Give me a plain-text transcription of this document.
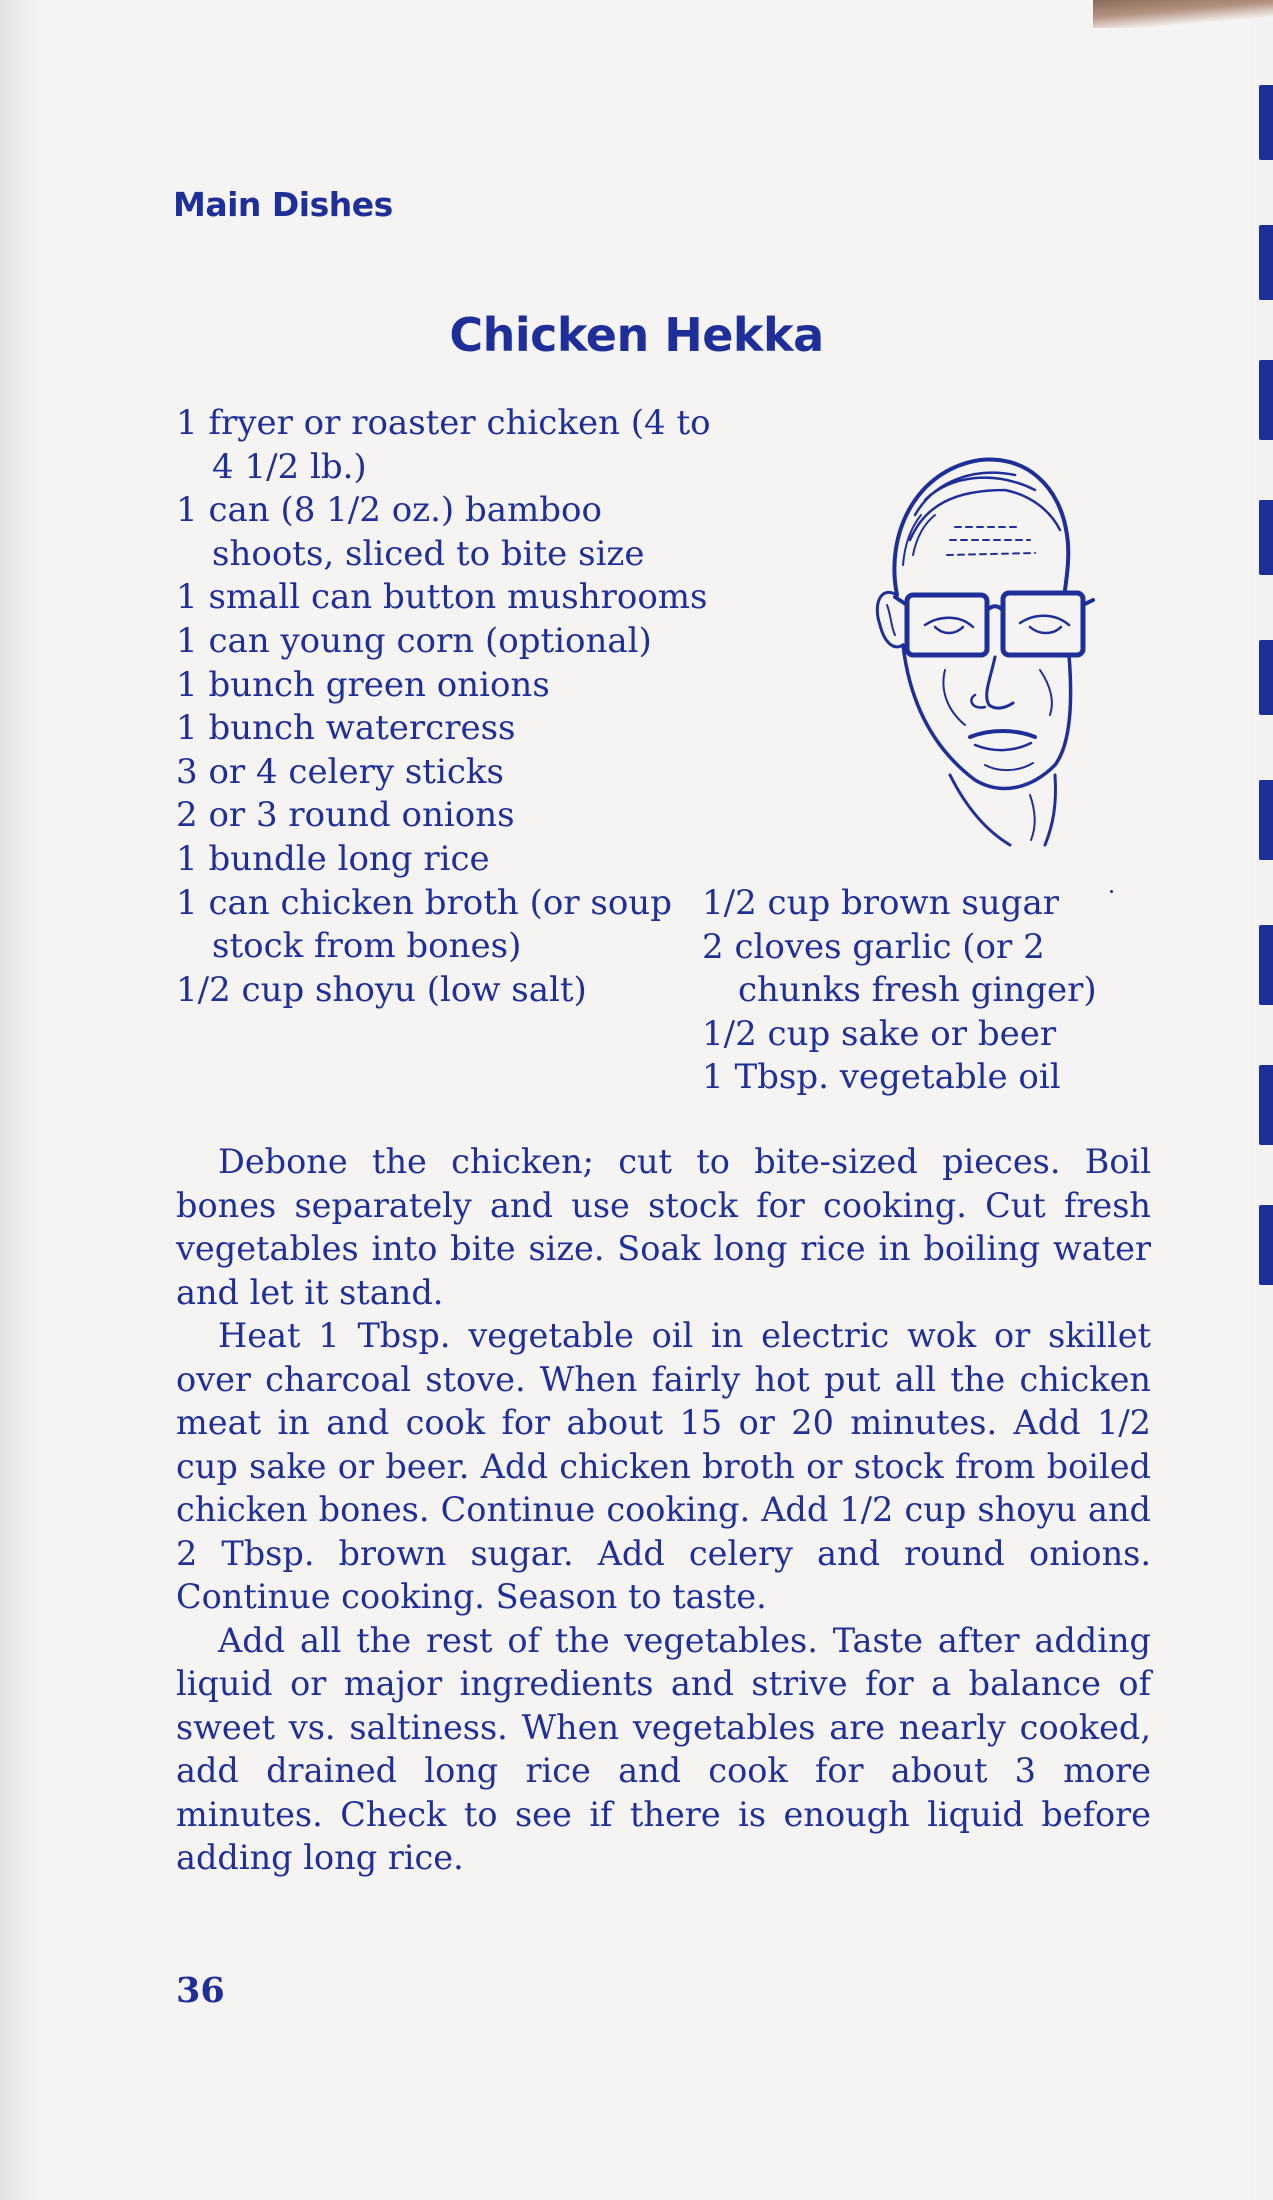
Main Dishes
Chicken Hekka
1 fryer or roaster chicken (4 to 4 1/2 lb.)
1 can (8 1/2 oz.) bamboo shoots, sliced to bite size
1 small can button mushrooms
1 can young corn (optional)
1 bunch green onions
1 bunch watercress
3 or 4 celery sticks
2 or 3 round onions
1 bundle long rice
1 can chicken broth (or soup stock from bones)
1/2 cup shoyu (low salt)
1/2 cup brown sugar
2 cloves garlic (or 2 chunks fresh ginger)
1/2 cup sake or beer
1 Tbsp. vegetable oil

Debone the chicken; cut to bite-sized pieces. Boil bones separately and use stock for cooking. Cut fresh vegetables into bite size. Soak long rice in boiling water and let it stand.

Heat 1 Tbsp. vegetable oil in electric wok or skillet over charcoal stove. When fairly hot put all the chicken meat in and cook for about 15 or 20 minutes. Add 1/2 cup sake or beer. Add chicken broth or stock from boiled chicken bones. Continue cooking. Add 1/2 cup shoyu and 2 Tbsp. brown sugar. Add celery and round onions. Continue cooking. Season to taste.

Add all the rest of the vegetables. Taste after adding liquid or major ingredients and strive for a balance of sweet vs. saltiness. When vegetables are nearly cooked, add drained long rice and cook for about 3 more minutes. Check to see if there is enough liquid before adding long rice.

36
